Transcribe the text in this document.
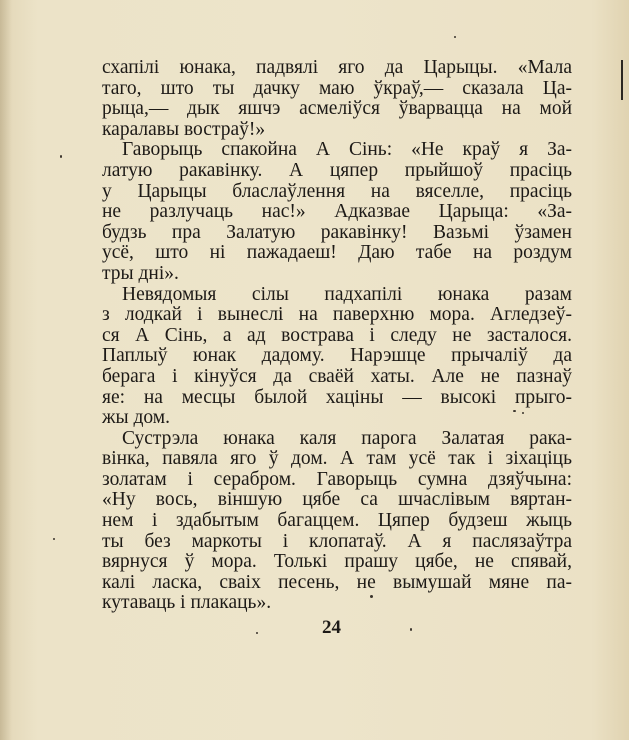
схапілі юнака, падвялі яго да Царыцы. «Мала
таго, што ты дачку маю ўкраў,— сказала Ца-
рыца,— дык яшчэ асмеліўся ўварвацца на мой
каралавы востраў!»
Гаворыць спакойна А Сінь: «Не краў я За-
латую ракавінку. А цяпер прыйшоў прасіць
у Царыцы бласлаўлення на вяселле, прасіць
не разлучаць нас!» Адказвае Царыца: «За-
будзь пра Залатую ракавінку! Вазьмі ўзамен
усё, што ні пажадаеш! Даю табе на роздум
тры дні».
Невядомыя сілы падхапілі юнака разам
з лодкай і вынеслі на паверхню мора. Агледзеў-
ся А Сінь, а ад вострава і следу не засталося.
Паплыў юнак дадому. Нарэшце прычаліў да
берага і кінуўся да сваёй хаты. Але не пазнаў
яе: на месцы былой хаціны — высокі прыго-
жы дом.
Сустрэла юнака каля парога Залатая рака-
вінка, павяла яго ў дом. А там усё так і зіхаціць
золатам і серабром. Гаворыць сумна дзяўчына:
«Ну вось, віншую цябе са шчаслівым вяртан-
нем і здабытым багаццем. Цяпер будзеш жыць
ты без маркоты і клопатаў. А я паслязаўтра
вярнуся ў мора. Толькі прашу цябе, не спявай,
калі ласка, сваіх песень, не вымушай мяне па-
кутаваць і плакаць».
24
